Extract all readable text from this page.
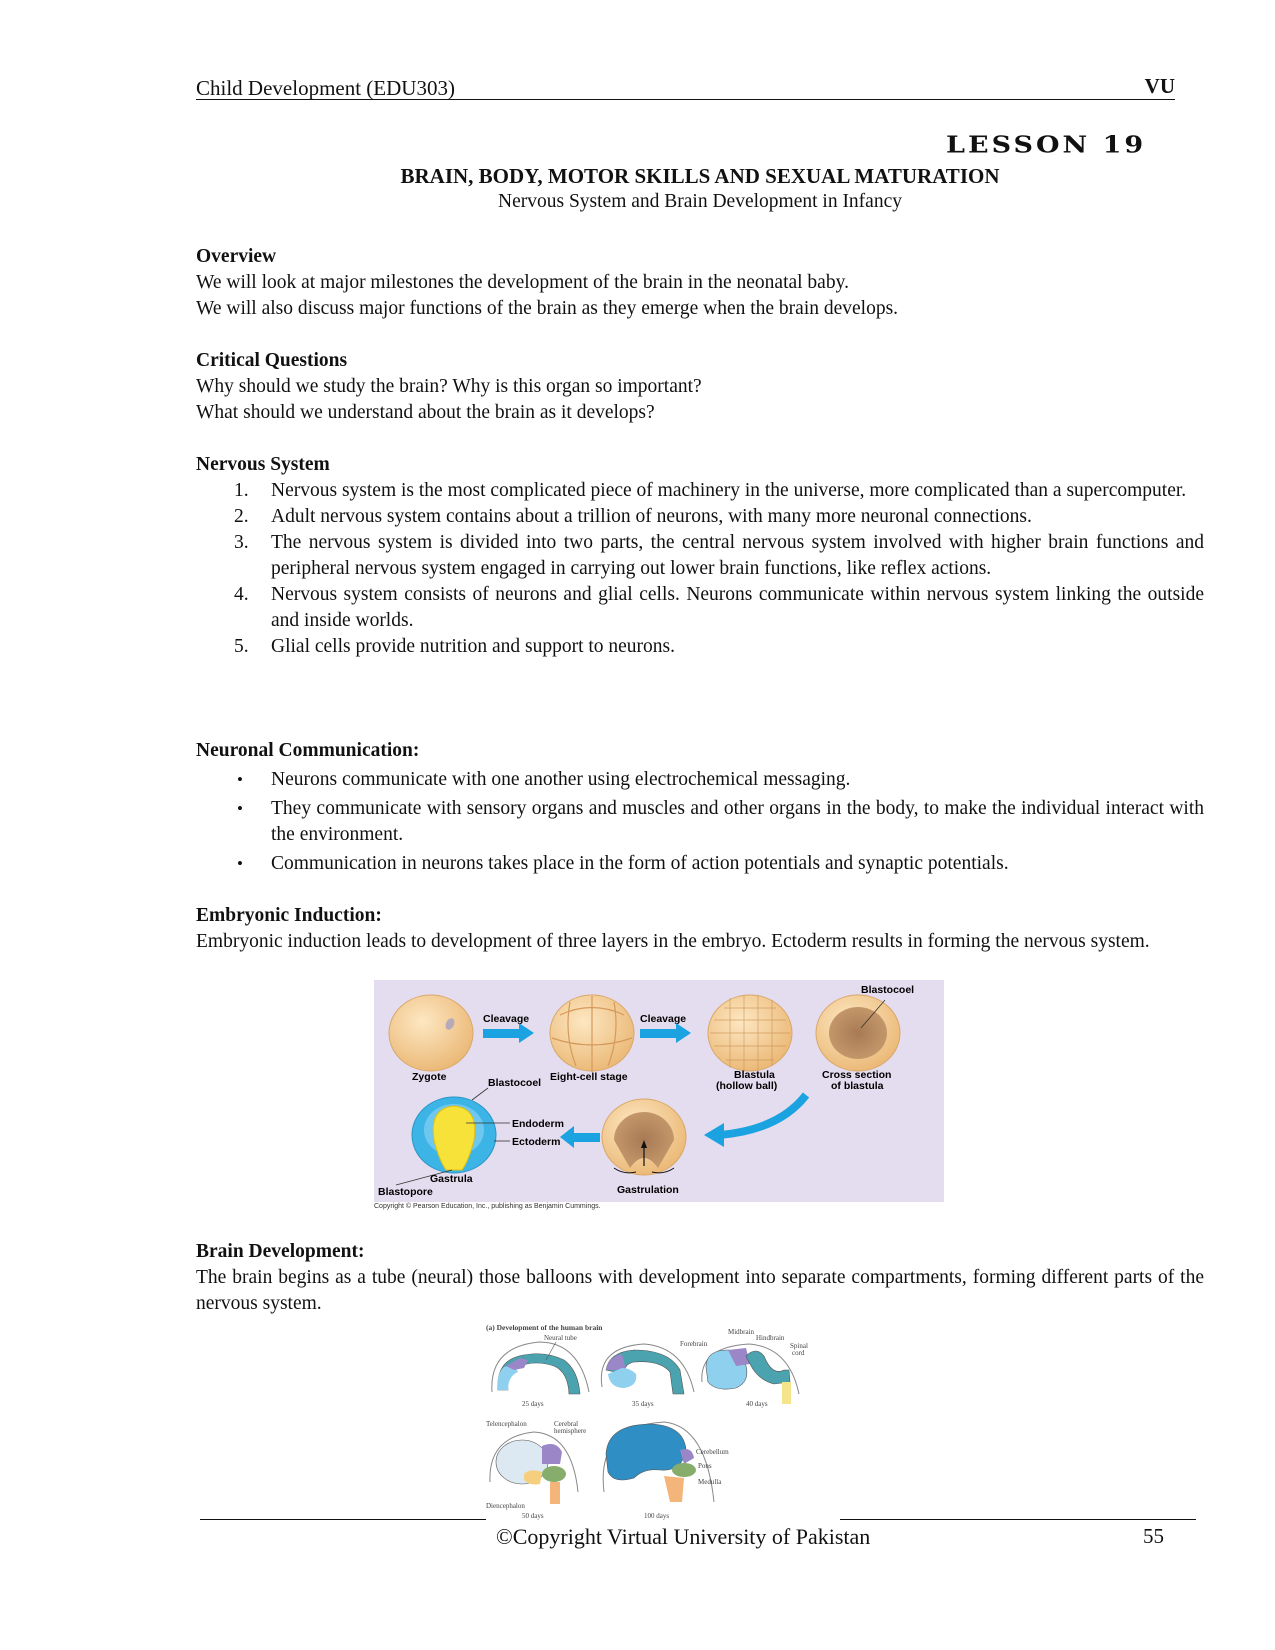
Child Development (EDU303)	VU
LESSON 19
BRAIN, BODY, MOTOR SKILLS AND SEXUAL MATURATION
Nervous System and Brain Development in Infancy
Overview
We will look at major milestones the development of the brain in the neonatal baby.
We will also discuss major functions of the brain as they emerge when the brain develops.
Critical Questions
Why should we study the brain? Why is this organ so important?
What should we understand about the brain as it develops?
Nervous System
1. Nervous system is the most complicated piece of machinery in the universe, more complicated than a supercomputer.
2. Adult nervous system contains about a trillion of neurons, with many more neuronal connections.
3. The nervous system is divided into two parts, the central nervous system involved with higher brain functions and peripheral nervous system engaged in carrying out lower brain functions, like reflex actions.
4. Nervous system consists of neurons and glial cells. Neurons communicate within nervous system linking the outside and inside worlds.
5. Glial cells provide nutrition and support to neurons.
Neuronal Communication:
• Neurons communicate with one another using electrochemical messaging.
• They communicate with sensory organs and muscles and other organs in the body, to make the individual interact with the environment.
• Communication in neurons takes place in the form of action potentials and synaptic potentials.
Embryonic Induction:
Embryonic induction leads to development of three layers in the embryo. Ectoderm results in forming the nervous system.
Zygote
Cleavage
Eight-cell stage
Cleavage
Blastula
(hollow ball)
Blastocoel
Cross section
of blastula
Gastrulation
Blastocoel
Endoderm
Ectoderm
Gastrula
Blastopore
Copyright © Pearson Education, Inc., publishing as Benjamin Cummings.
Brain Development:
The brain begins as a tube (neural) those balloons with development into separate compartments, forming different parts of the nervous system.
(a) Development of the human brain
Neural tube
25 days	35 days
Midbrain
Forebrain
Hindbrain
Spinal
cord
40 days
Telencephalon	Cerebral
hemisphere
Diencephalon
50 days
Cerebellum
Pons
Medulla
100 days
©Copyright Virtual University of Pakistan	55
